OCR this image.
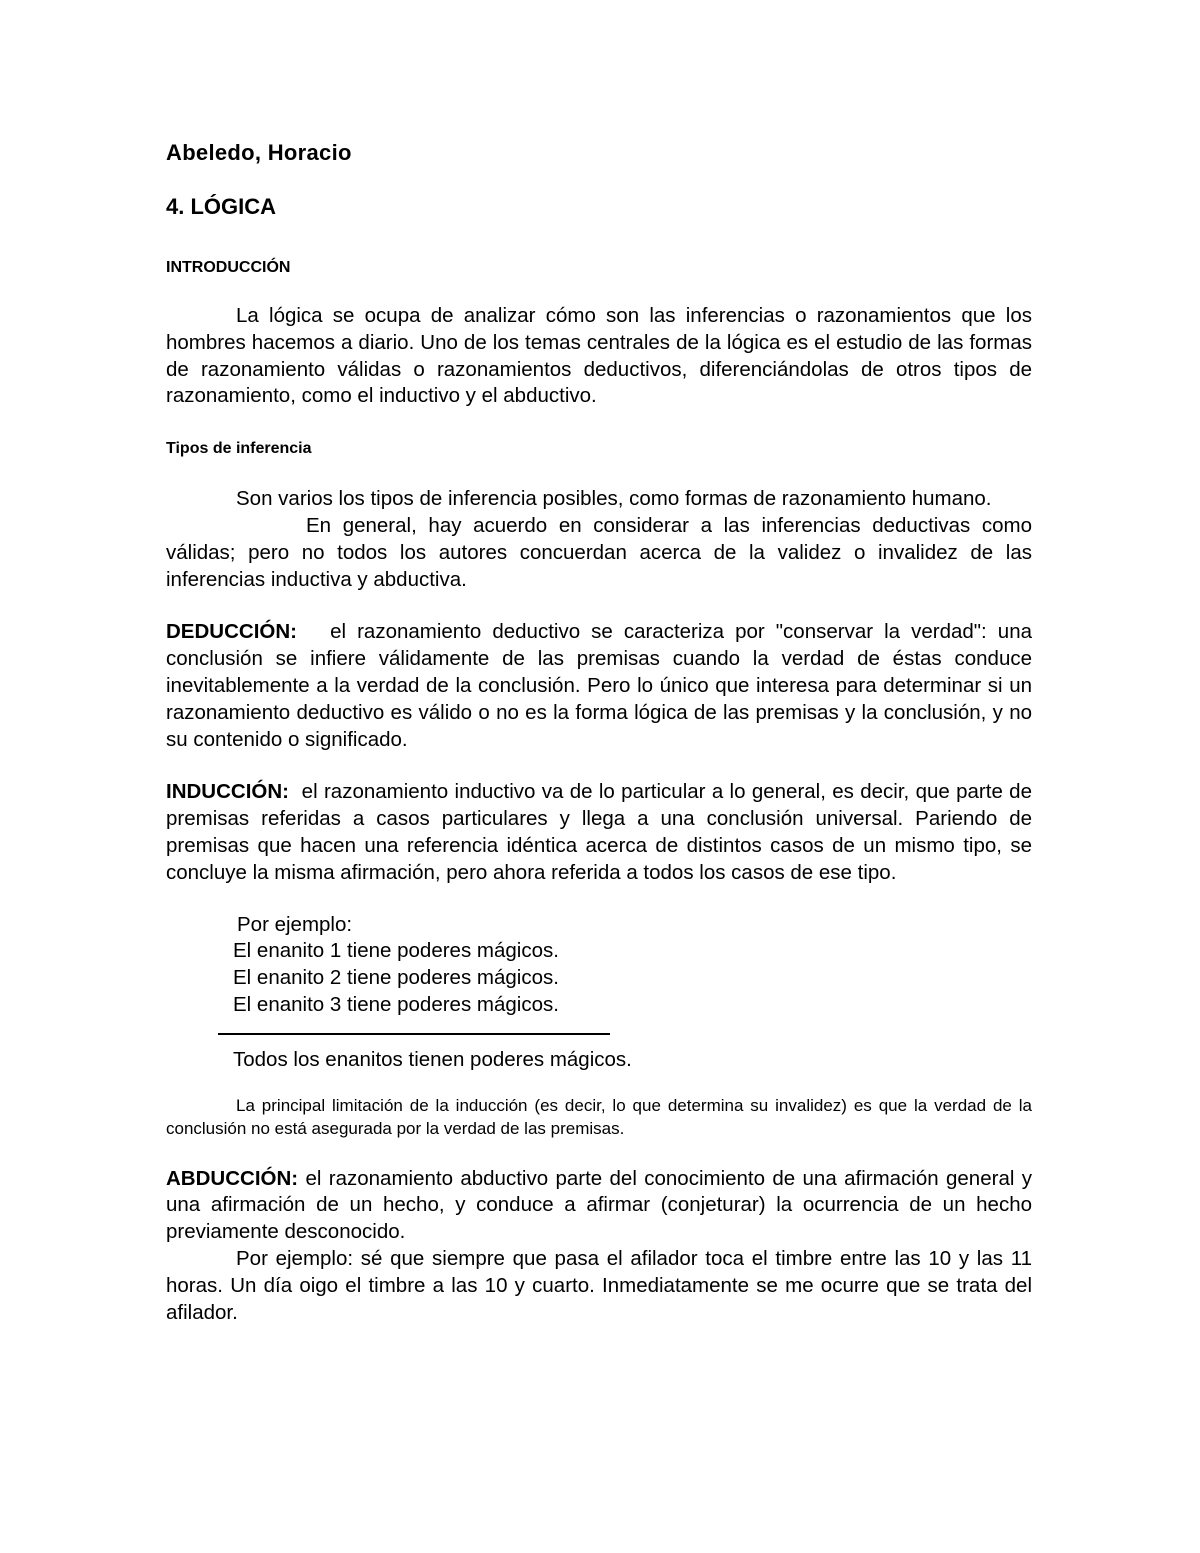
Abeledo, Horacio
4. LÓGICA
INTRODUCCIÓN

La lógica se ocupa de analizar cómo son las inferencias o razonamientos que los hombres hacemos a diario. Uno de los temas centrales de la lógica es el estudio de las formas de razonamiento válidas o razonamientos deductivos, diferenciándolas de otros tipos de razonamiento, como el inductivo y el abductivo.

Tipos de inferencia

Son varios los tipos de inferencia posibles, como formas de razonamiento humano.

En general, hay acuerdo en considerar a las inferencias deductivas como válidas; pero no todos los autores concuerdan acerca de la validez o invalidez de las inferencias inductiva y abductiva.

DEDUCCIÓN: el razonamiento deductivo se caracteriza por "conservar la verdad": una conclusión se infiere válidamente de las premisas cuando la verdad de éstas conduce inevitablemente a la verdad de la conclusión. Pero lo único que interesa para determinar si un razonamiento deductivo es válido o no es la forma lógica de las premisas y la conclusión, y no su contenido o significado.

INDUCCIÓN: el razonamiento inductivo va de lo particular a lo general, es decir, que parte de premisas referidas a casos particulares y llega a una conclusión universal. Pariendo de premisas que hacen una referencia idéntica acerca de distintos casos de un mismo tipo, se concluye la misma afirmación, pero ahora referida a todos los casos de ese tipo.

Por ejemplo:
El enanito 1 tiene poderes mágicos.
El enanito 2 tiene poderes mágicos.
El enanito 3 tiene poderes mágicos.
Todos los enanitos tienen poderes mágicos.

La principal limitación de la inducción (es decir, lo que determina su invalidez) es que la verdad de la conclusión no está asegurada por la verdad de las premisas.

ABDUCCIÓN: el razonamiento abductivo parte del conocimiento de una afirmación general y una afirmación de un hecho, y conduce a afirmar (conjeturar) la ocurrencia de un hecho previamente desconocido.

Por ejemplo: sé que siempre que pasa el afilador toca el timbre entre las 10 y las 11 horas. Un día oigo el timbre a las 10 y cuarto. Inmediatamente se me ocurre que se trata del afilador.
